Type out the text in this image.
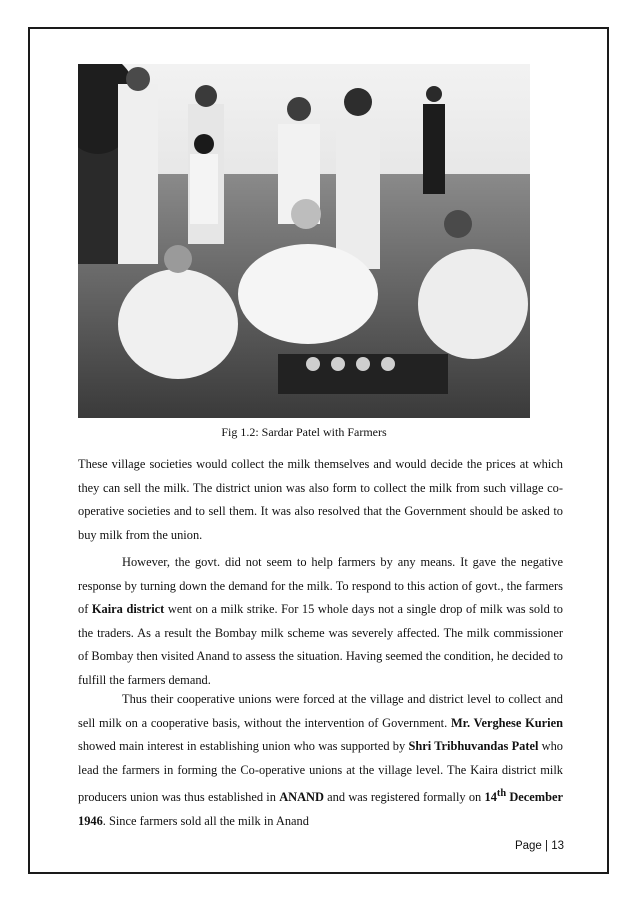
Fig 1.2: Sardar Patel with Farmers

These village societies would collect the milk themselves and would decide the prices at which they can sell the milk. The district union was also form to collect the milk from such village co-operative societies and to sell them. It was also resolved that the Government should be asked to buy milk from the union.

However, the govt. did not seem to help farmers by any means. It gave the negative response by turning down the demand for the milk. To respond to this action of govt., the farmers of Kaira district went on a milk strike. For 15 whole days not a single drop of milk was sold to the traders. As a result the Bombay milk scheme was severely affected. The milk commissioner of Bombay then visited Anand to assess the situation. Having seemed the condition, he decided to fulfill the farmers demand.

Thus their cooperative unions were forced at the village and district level to collect and sell milk on a cooperative basis, without the intervention of Government. Mr. Verghese Kurien showed main interest in establishing union who was supported by Shri Tribhuvandas Patel who lead the farmers in forming the Co-operative unions at the village level. The Kaira district milk producers union was thus established in ANAND and was registered formally on 14th December 1946. Since farmers sold all the milk in Anand

Page | 13
